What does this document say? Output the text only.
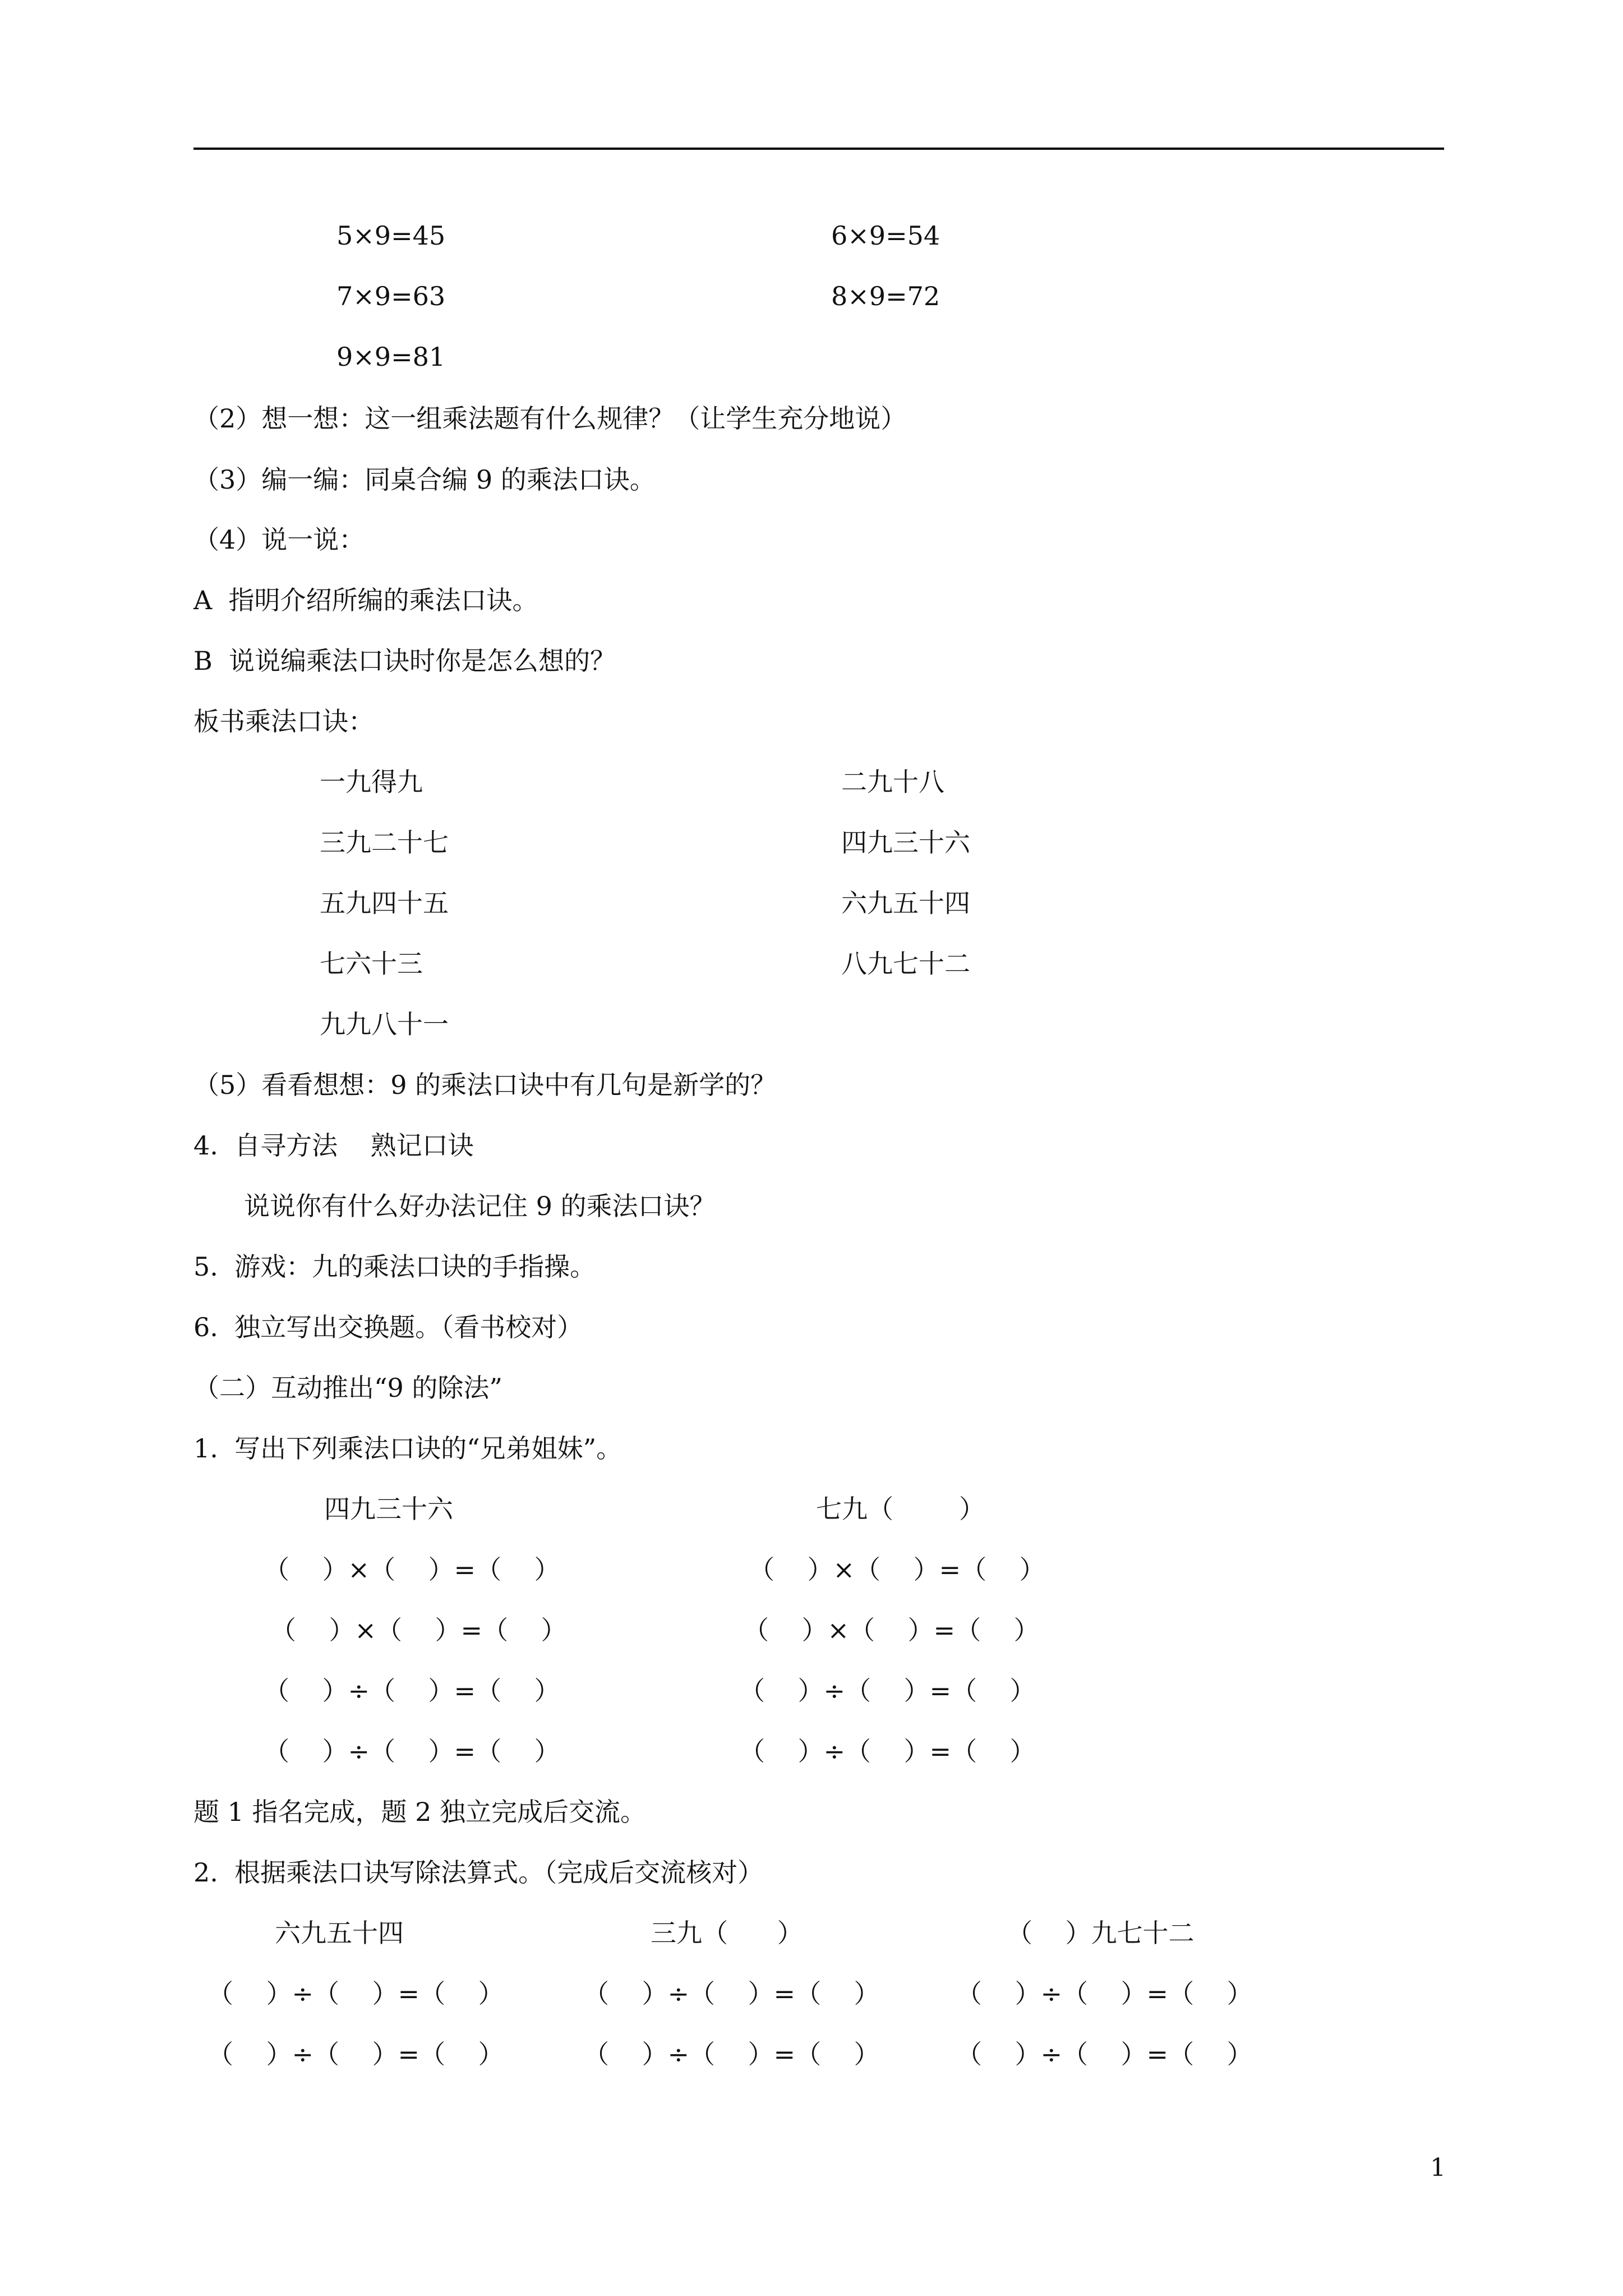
5×9=45	6×9=54
7×9=63	8×9=72
9×9=81
（2）想一想：这一组乘法题有什么规律？（让学生充分地说）
（3）编一编：同桌合编 9 的乘法口诀。
（4）说一说：
A  指明介绍所编的乘法口诀。
B  说说编乘法口诀时你是怎么想的？
板书乘法口诀：
一九得九	二九十八
三九二十七	四九三十六
五九四十五	六九五十四
七六十三	八九七十二
九九八十一
（5）看看想想：9 的乘法口诀中有几句是新学的？
4.  自寻方法    熟记口诀
说说你有什么好办法记住 9 的乘法口诀？
5.  游戏：九的乘法口诀的手指操。
6.  独立写出交换题。（看书校对）
（二）互动推出“9 的除法”
1.  写出下列乘法口诀的“兄弟姐妹”。
四九三十六	七九（        ）
（    ）×（    ）=（    ）	（    ）×（    ）=（    ）
（    ）×（    ）=（    ）	（    ）×（    ）=（    ）
（    ）÷（    ）=（    ）	（    ）÷（    ）=（    ）
（    ）÷（    ）=（    ）	（    ）÷（    ）=（    ）
题 1 指名完成，题 2 独立完成后交流。
2.  根据乘法口诀写除法算式。（完成后交流核对）
六九五十四	三九（      ）	（    ）九七十二
（    ）÷（    ）=（    ）	（    ）÷（    ）=（    ）	（    ）÷（    ）=（    ）
（    ）÷（    ）=（    ）	（    ）÷（    ）=（    ）	（    ）÷（    ）=（    ）
1
